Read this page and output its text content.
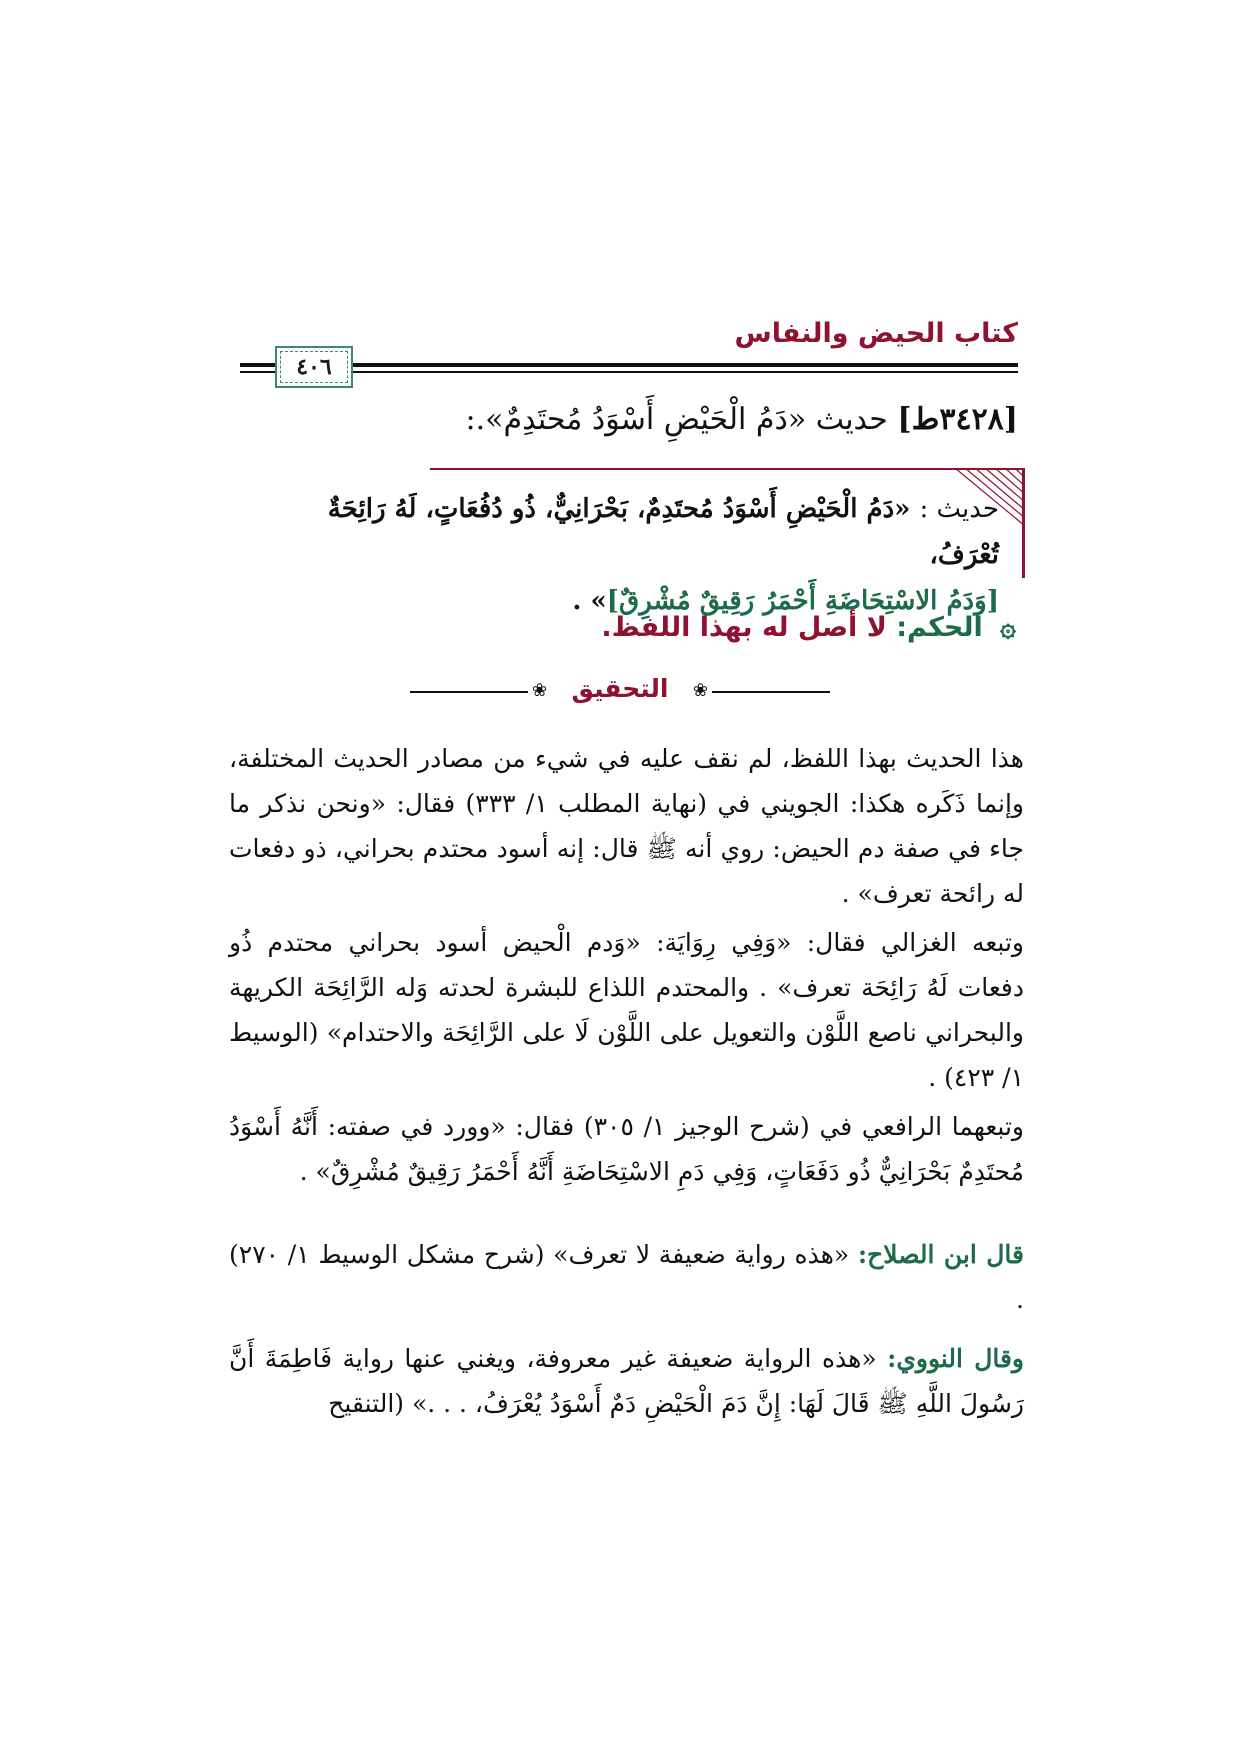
كتاب الحيض والنفاس
٤٠٦
[٣٤٢٨ط] حديث «دَمُ الْحَيْضِ أَسْوَدُ مُحتَدِمٌ».:
حديث : «دَمُ الْحَيْضِ أَسْوَدُ مُحتَدِمٌ، بَحْرَانِيٌّ، ذُو دُفُعَاتٍ، لَهُ رَائِحَةٌ تُعْرَفُ،
[وَدَمُ الاسْتِحَاضَةِ أَحْمَرُ رَقِيقٌ مُشْرِقٌ]» .
۞ الحكم: لا أصل له بهذا اللفظ.
❀	❀
التحقيق

هذا الحديث بهذا اللفظ، لم نقف عليه في شيء من مصادر الحديث المختلفة، وإنما ذَكَره هكذا: الجويني في (نهاية المطلب ١/ ٣٣٣) فقال: «ونحن نذكر ما جاء في صفة دم الحيض: روي أنه ﷺ قال: إنه أسود محتدم بحراني، ذو دفعات له رائحة تعرف» .

وتبعه الغزالي فقال: «وَفِي رِوَايَة: «وَدم الْحيض أسود بحراني محتدم ذُو دفعات لَهُ رَائِحَة تعرف» . والمحتدم اللذاع للبشرة لحدته وَله الرَّائِحَة الكريهة والبحراني ناصع اللَّوْن والتعويل على اللَّوْن لَا على الرَّائِحَة والاحتدام» (الوسيط ١/ ٤٢٣) .

وتبعهما الرافعي في (شرح الوجيز ١/ ٣٠٥) فقال: «وورد في صفته: أَنَّهُ أَسْوَدُ مُحتَدِمٌ بَحْرَانِيٌّ ذُو دَفَعَاتٍ، وَفِي دَمِ الاسْتِحَاضَةِ أَنَّهُ أَحْمَرُ رَقِيقٌ مُشْرِقٌ» .

قال ابن الصلاح: «هذه رواية ضعيفة لا تعرف» (شرح مشكل الوسيط ١/ ٢٧٠) .

وقال النووي: «هذه الرواية ضعيفة غير معروفة، ويغني عنها رواية فَاطِمَةَ أَنَّ رَسُولَ اللَّهِ ﷺ قَالَ لَهَا: إِنَّ دَمَ الْحَيْضِ دَمٌ أَسْوَدُ يُعْرَفُ، . . .» (التنقيح
